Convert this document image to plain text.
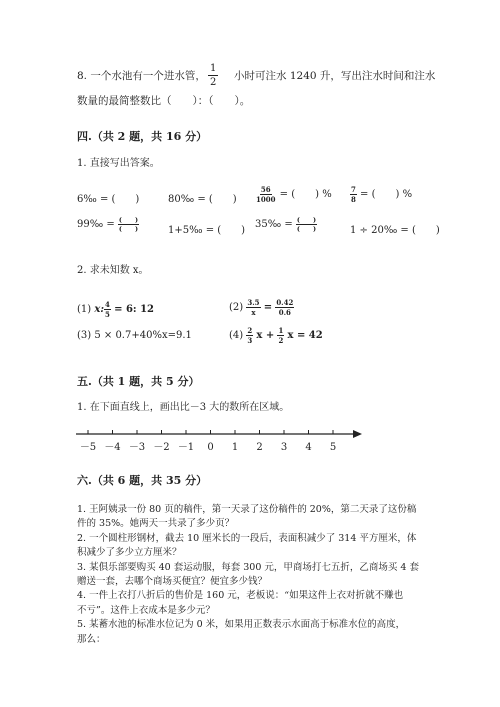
8. 一个水池有一个进水管， $\frac{1}{2}$ 小时可注水 1240 升，写出注水时间和注水
数量的最简整数比（　　）：（　　）。
四.（共 2 题，共 16 分）
1. 直接写出答案。
6‰ = (　　)	80‰ = (　　)	$\frac{56}{1000}$ = (　　) %	$\frac{7}{8}$ = (　　) %
99‰ = $\frac{( )}{( )}$	1+5‰ = (　　)
35‰ = $\frac{( )}{( )}$	1 ÷ 20‰ = (　　)
2. 求未知数 x。
(1) x: $\frac{4}{5} = 6$: 12	$(2) \frac{3.5}{x} = \frac{0.42}{0.6}$
(3) 5 × 0.7+40%x=9.1	$(4) \frac{2}{3}$ $x + \frac{1}{2}$ x = 42
五.（共 1 题，共 5 分）
1. 在下面直线上，画出比－3 大的数所在区域。
－5 －4 －3 －2 －1 0 1 2 3 4 5
六.（共 6 题，共 35 分）
1. 王阿姨录一份 80 页的稿件，第一天录了这份稿件的 20%，第二天录了这份稿
件的 35%。她两天一共录了多少页？
2. 一个圆柱形钢材，截去 10 厘米长的一段后，表面积减少了 314 平方厘米，体
积减少了多少立方厘米？
3. 某俱乐部要购买 40 套运动服，每套 300 元，甲商场打七五折，乙商场买 4 套
赠送一套，去哪个商场买便宜？便宜多少钱？
4. 一件上衣打八折后的售价是 160 元，老板说：“如果这件上衣对折就不赚也
不亏”。这件上衣成本是多少元？
5. 某蓄水池的标准水位记为 0 米，如果用正数表示水面高于标准水位的高度，
那么：
